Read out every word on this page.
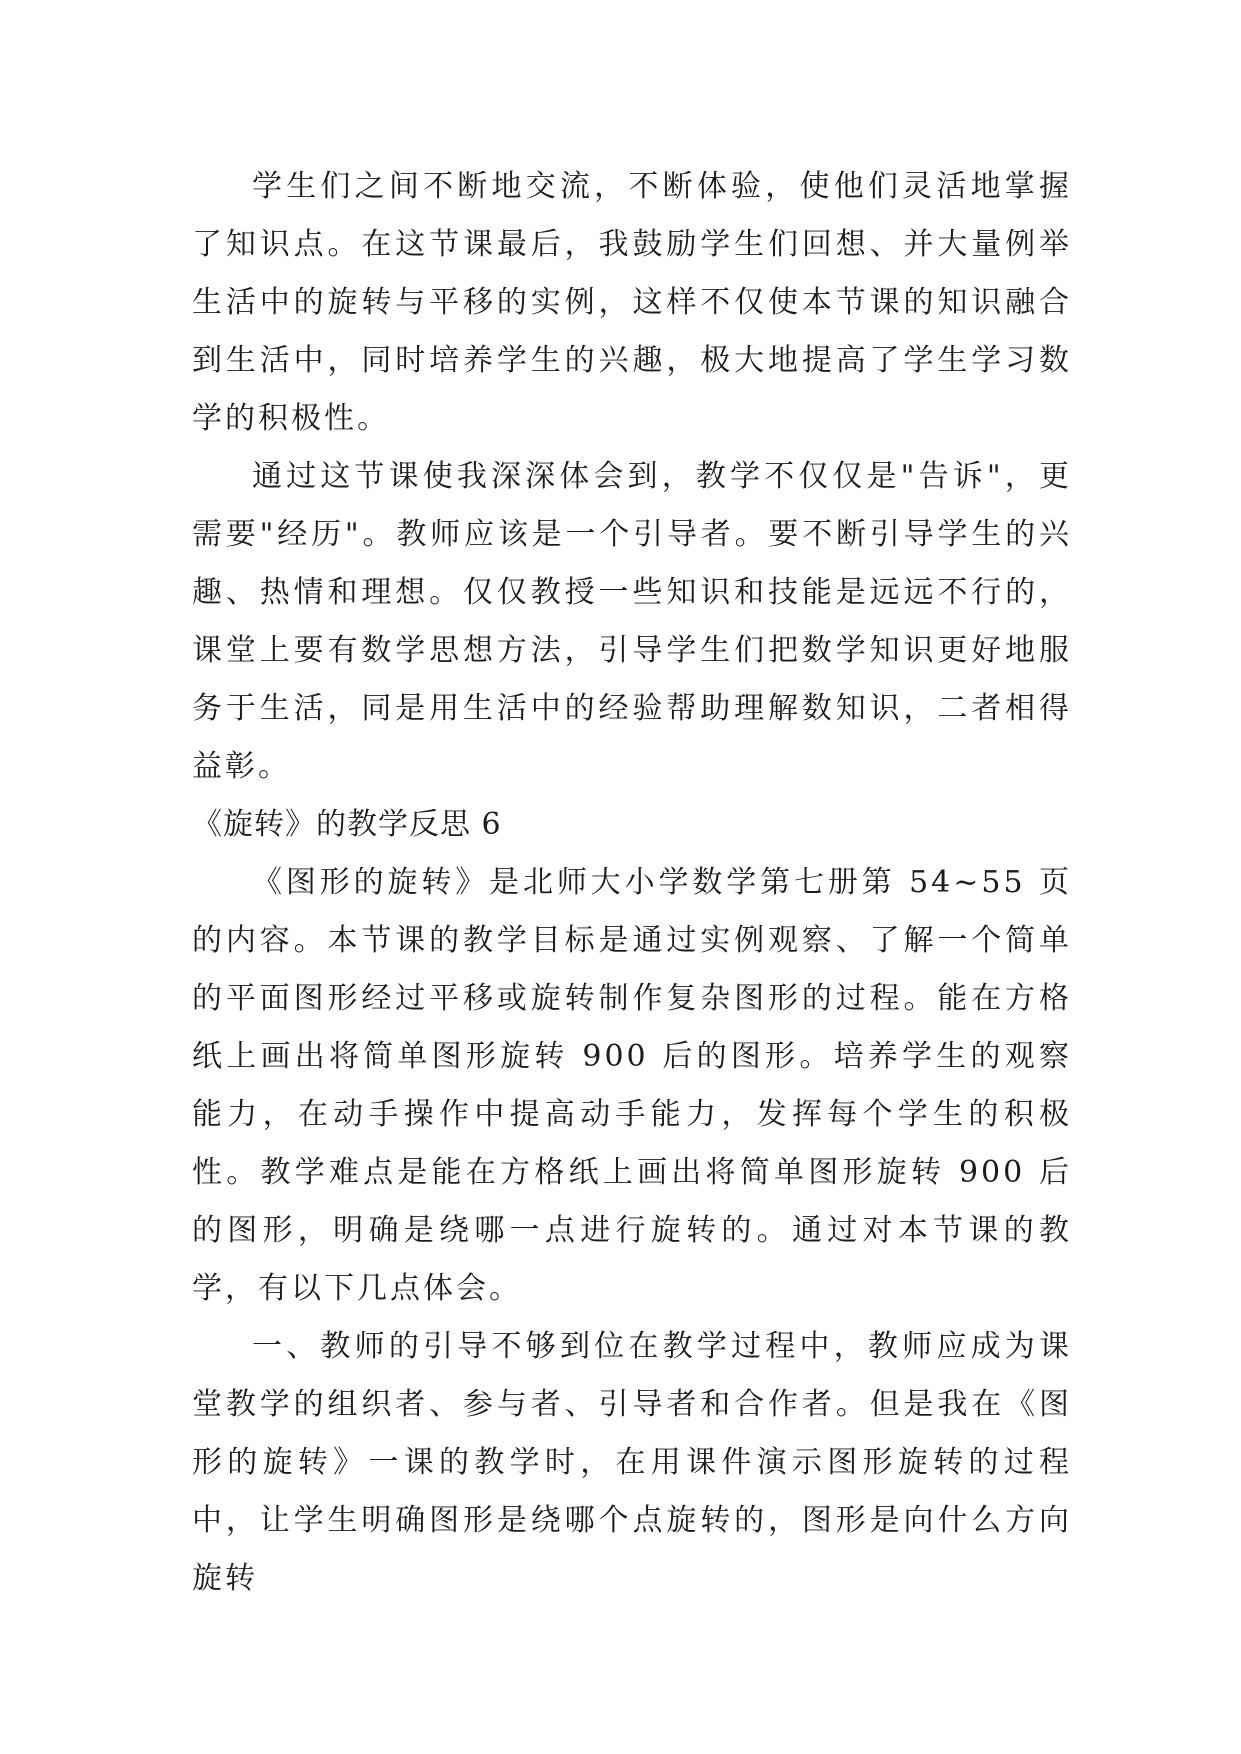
学生们之间不断地交流，不断体验，使他们灵活地掌握了知识点。在这节课最后，我鼓励学生们回想、并大量例举生活中的旋转与平移的实例，这样不仅使本节课的知识融合到生活中，同时培养学生的兴趣，极大地提高了学生学习数学的积极性。

通过这节课使我深深体会到，教学不仅仅是"告诉"，更需要"经历"。教师应该是一个引导者。要不断引导学生的兴趣、热情和理想。仅仅教授一些知识和技能是远远不行的，课堂上要有数学思想方法，引导学生们把数学知识更好地服务于生活，同是用生活中的经验帮助理解数知识，二者相得益彰。

《旋转》的教学反思 6

《图形的旋转》是北师大小学数学第七册第 54~55 页的内容。本节课的教学目标是通过实例观察、了解一个简单的平面图形经过平移或旋转制作复杂图形的过程。能在方格纸上画出将简单图形旋转 900 后的图形。培养学生的观察能力，在动手操作中提高动手能力，发挥每个学生的积极性。教学难点是能在方格纸上画出将简单图形旋转 900 后的图形，明确是绕哪一点进行旋转的。通过对本节课的教学，有以下几点体会。

一、教师的引导不够到位在教学过程中，教师应成为课堂教学的组织者、参与者、引导者和合作者。但是我在《图形的旋转》一课的教学时，在用课件演示图形旋转的过程中，让学生明确图形是绕哪个点旋转的，图形是向什么方向旋转
